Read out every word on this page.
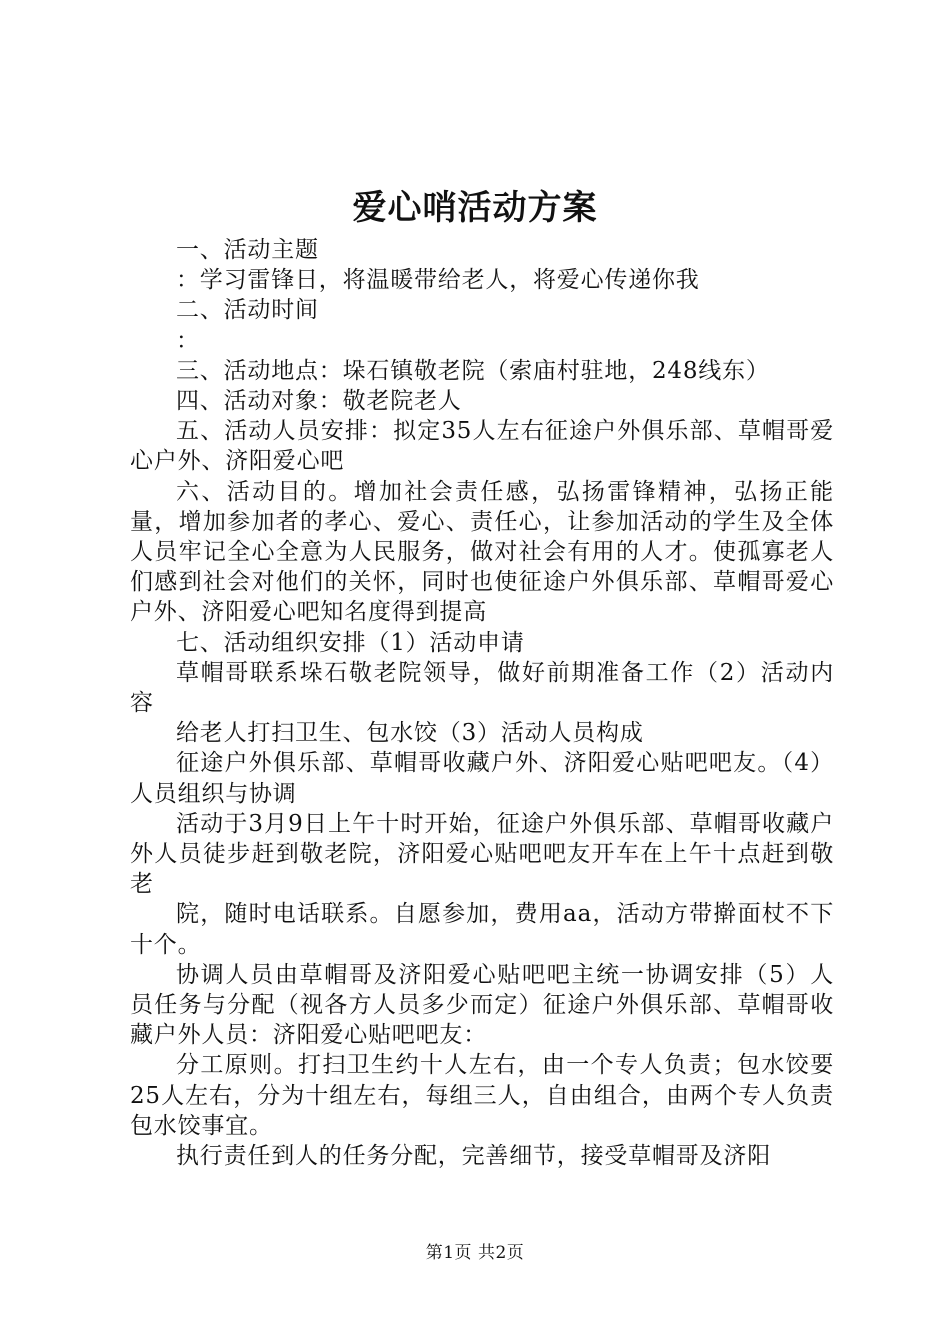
爱心哨活动方案

一、活动主题

：学习雷锋日，将温暖带给老人，将爱心传递你我

二、活动时间

：

三、活动地点：垛石镇敬老院（索庙村驻地，248线东）

四、活动对象：敬老院老人

五、活动人员安排：拟定35人左右征途户外俱乐部、草帽哥爱心户外、济阳爱心吧

六、活动目的。增加社会责任感，弘扬雷锋精神，弘扬正能量，增加参加者的孝心、爱心、责任心，让参加活动的学生及全体人员牢记全心全意为人民服务，做对社会有用的人才。使孤寡老人们感到社会对他们的关怀，同时也使征途户外俱乐部、草帽哥爱心户外、济阳爱心吧知名度得到提高

七、活动组织安排（1）活动申请

草帽哥联系垛石敬老院领导，做好前期准备工作（2）活动内容

给老人打扫卫生、包水饺（3）活动人员构成

征途户外俱乐部、草帽哥收藏户外、济阳爱心贴吧吧友。（4）人员组织与协调

活动于3月9日上午十时开始，征途户外俱乐部、草帽哥收藏户外人员徒步赶到敬老院，济阳爱心贴吧吧友开车在上午十点赶到敬老

院，随时电话联系。自愿参加，费用aa，活动方带擀面杖不下十个。

协调人员由草帽哥及济阳爱心贴吧吧主统一协调安排（5）人员任务与分配（视各方人员多少而定）征途户外俱乐部、草帽哥收藏户外人员：济阳爱心贴吧吧友：

分工原则。打扫卫生约十人左右，由一个专人负责；包水饺要25人左右，分为十组左右，每组三人，自由组合，由两个专人负责包水饺事宜。

执行责任到人的任务分配，完善细节，接受草帽哥及济阳

第1页 共2页
